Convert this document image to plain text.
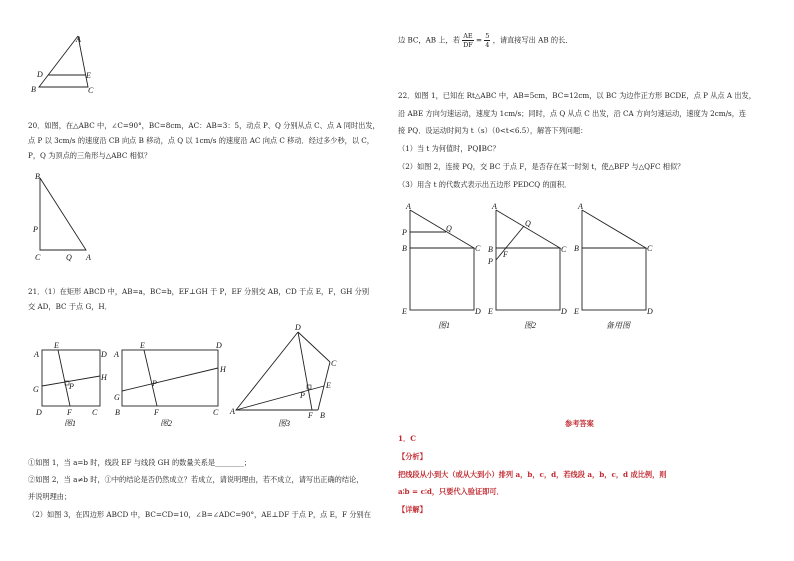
A
D	E
B	C
20．如图，在△ABC 中，∠C=90°，BC=8cm，AC：AB=3：5，动点 P、Q 分别从点 C、点 A 同时出发，
点 P 以 3cm/s 的速度沿 CB 向点 B 移动，点 Q 以 1cm/s 的速度沿 AC 向点 C 移动．经过多少秒，以 C，
P，Q 为顶点的三角形与△ABC 相似？
B
P
C	Q A
21．（1）在矩形 ABCD 中，AB=a，BC=b，EF⊥GH 于 P，EF 分别交 AB，CD 于点 E，F，GH 分别
交 AD，BC 于点 G，H．
A
E
D
G
H
P
D	F	C
图1
A
E	D
G
H
P
B	F	C
图2
D
C
E
P
A	F B
图3
①如图 1，当 a=b 时，线段 EF 与线段 GH 的数量关系是________；
②如图 2，当 a≠b 时，①中的结论是否仍然成立？若成立，请说明理由，若不成立，请写出正确的结论，
并说明理由；
（2）如图 3，在四边形 ABCD 中，BC=CD=10，∠B=∠ADC=90°，AE⊥DF 于点 P，点 E，F 分别在
边 BC，AB 上，若 $\frac{AE}{DF} = \frac{5}{4}$ ，请直接写出 AB 的长．
22．如图 1，已知在 Rt△ABC 中，AB=5cm，BC=12cm，以 BC 为边作正方形 BCDE，点 P 从点 A 出发，
沿 ABE 方向匀速运动，速度为 1cm/s；同时，点 Q 从点 C 出发，沿 CA 方向匀速运动，速度为 2cm/s，连
接 PQ．设运动时间为 t（s）（0<t<6.5），解答下列问题：
（1）当 t 为何值时，PQ∥BC？
（2）如图 2，连接 PQ，交 BC 于点 F，是否存在某一时刻 t，使△BFP 与△QFC 相似？
（3）用含 t 的代数式表示出五边形 PEDCQ 的面积．
A
P	Q
B	C
E	D
图1
A
Q
B	C
F
P
E	D
图2
A
B	C
E	D
备用图
参考答案
1．C
【分析】
把线段从小到大（或从大到小）排列 a，b，c，d，若线段 a，b，c，d 成比例，则
a∶b = c∶d，只要代入验证即可．
【详解】
